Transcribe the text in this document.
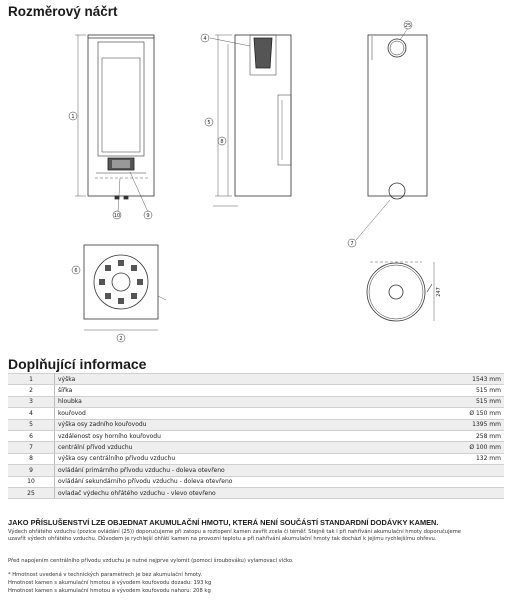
Rozměrový náčrt
1
10	9
4
5
8
25
7
6
2
247
Doplňující informace
1	výška	1543 mm
2	šířka	515 mm
3	hloubka	515 mm
4	kouřovod	Ø 150 mm
5	výška osy zadního kouřovodu	1395 mm
6	vzdálenost osy horního kouřovodu	258 mm
7	centrální přívod vzduchu	Ø 100 mm
8	výška osy centrálního přívodu vzduchu	132 mm
9	ovládání primárního přívodu vzduchu - doleva otevřeno	
10	ovládání sekundárního přívodu vzduchu - doleva otevřeno	
25	ovladač výdechu ohřátého vzduchu - vlevo otevřeno	
JAKO PŘÍSLUŠENSTVÍ LZE OBJEDNAT AKUMULAČNÍ HMOTU, KTERÁ NENÍ SOUČÁSTÍ STANDARDNÍ DODÁVKY KAMEN.
Výdech ohřátého vzduchu (pozice ovládání (25)) doporučujeme při zatopu a roztopení kamen zavřít zcela či téměř. Stejně tak i při nahřívání akumulační hmoty doporučujeme uzavřít výdech ohřátého vzduchu. Důvodem je rychlejší ohřátí kamen na provozní teplotu a při nahřívání akumulační hmoty tak dochází k jejímu rychlejšímu ohřevu.
Před napojením centrálního přívodu vzduchu je nutné nejprve vylomit (pomocí šroubováku) vylamovací víčko.
* Hmotnost uvedená v technických parametrech je bez akumulační hmoty.
Hmotnost kamen s akumulační hmotou a vývodem kouřovodu dozadu: 193 kg
Hmotnost kamen s akumulační hmotou a vývodem kouřovodu nahoru: 208 kg
